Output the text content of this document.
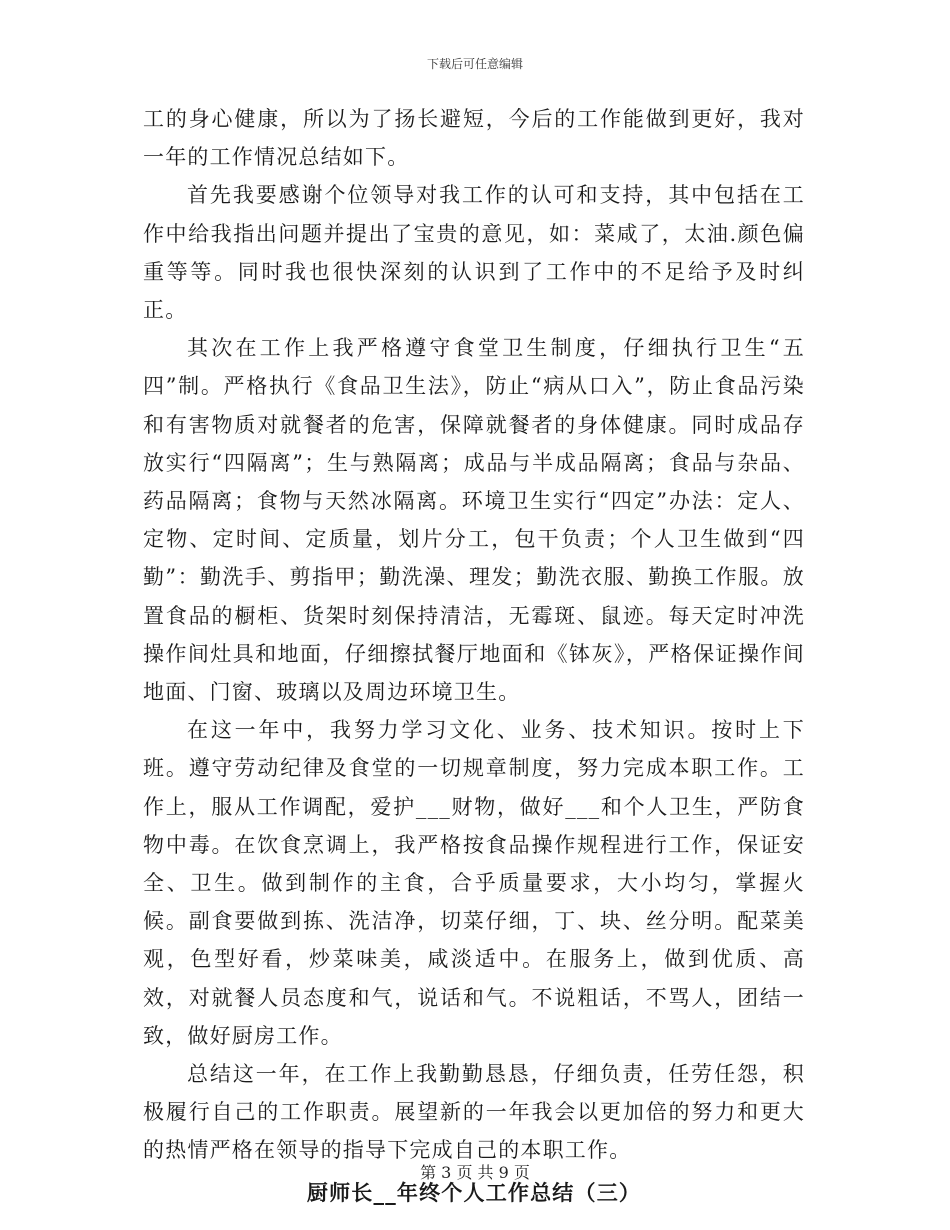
下载后可任意编辑

工的身心健康，所以为了扬长避短，今后的工作能做到更好，我对一年的工作情况总结如下。

首先我要感谢个位领导对我工作的认可和支持，其中包括在工作中给我指出问题并提出了宝贵的意见，如：菜咸了，太油.颜色偏重等等。同时我也很快深刻的认识到了工作中的不足给予及时纠正。

其次在工作上我严格遵守食堂卫生制度，仔细执行卫生“五四”制。严格执行《食品卫生法》，防止“病从口入”，防止食品污染和有害物质对就餐者的危害，保障就餐者的身体健康。同时成品存放实行“四隔离”；生与熟隔离；成品与半成品隔离；食品与杂品、药品隔离；食物与天然冰隔离。环境卫生实行“四定”办法：定人、定物、定时间、定质量，划片分工，包干负责；个人卫生做到“四勤”：勤洗手、剪指甲；勤洗澡、理发；勤洗衣服、勤换工作服。放置食品的橱柜、货架时刻保持清洁，无霉斑、鼠迹。每天定时冲洗操作间灶具和地面，仔细擦拭餐厅地面和《钵灰》，严格保证操作间地面、门窗、玻璃以及周边环境卫生。

在这一年中，我努力学习文化、业务、技术知识。按时上下班。遵守劳动纪律及食堂的一切规章制度，努力完成本职工作。工作上，服从工作调配，爱护___财物，做好___和个人卫生，严防食物中毒。在饮食烹调上，我严格按食品操作规程进行工作，保证安全、卫生。做到制作的主食，合乎质量要求，大小均匀，掌握火候。副食要做到拣、洗洁净，切菜仔细，丁、块、丝分明。配菜美观，色型好看，炒菜味美，咸淡适中。在服务上，做到优质、高效，对就餐人员态度和气，说话和气。不说粗话，不骂人，团结一致，做好厨房工作。

总结这一年，在工作上我勤勤恳恳，仔细负责，任劳任怨，积极履行自己的工作职责。展望新的一年我会以更加倍的努力和更大的热情严格在领导的指导下完成自己的本职工作。

厨师长__年终个人工作总结（三）
第 3 页 共 9 页
